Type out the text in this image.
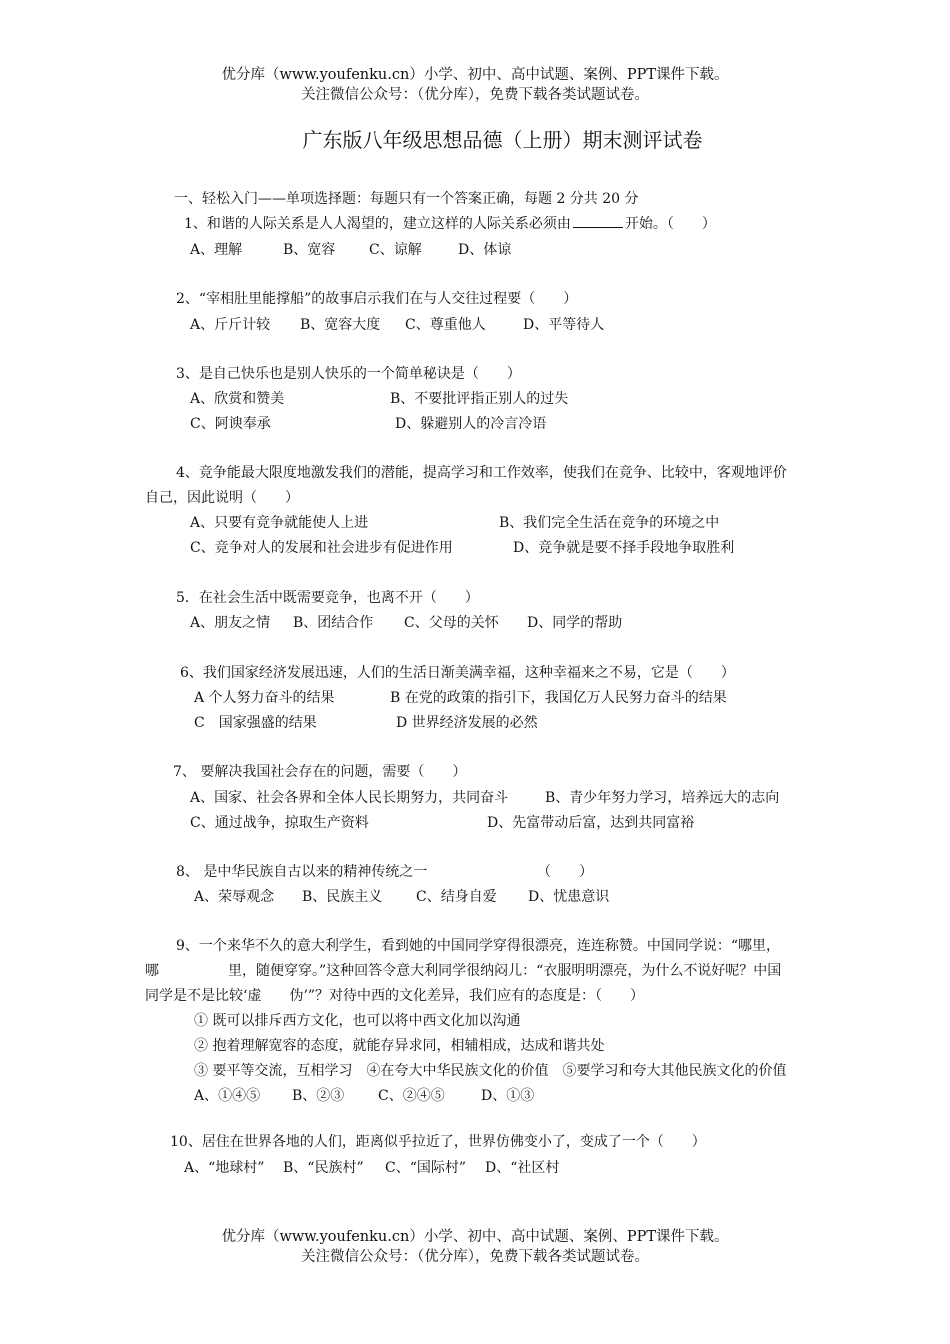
优分库（www.youfenku.cn）小学、初中、高中试题、案例、PPT课件下载。
关注微信公众号：（优分库），免费下载各类试题试卷。
广东版八年级思想品德（上册）期末测评试卷
一、轻松入门——单项选择题：每题只有一个答案正确，每题 2 分共 20 分
1、和谐的人际关系是人人渴望的，建立这样的人际关系必须由	开始。（　　）
A、理解	B、宽容 C、谅解	D、体谅
2、“宰相肚里能撑船”的故事启示我们在与人交往过程要（　　）
A、斤斤计较 B、宽容大度 C、尊重他人	D、平等待人
3、是自己快乐也是别人快乐的一个简单秘诀是（　　）
A、欣赏和赞美	B、不要批评指正别人的过失
C、阿谀奉承	D、躲避别人的冷言冷语
4、竞争能最大限度地激发我们的潜能，提高学习和工作效率，使我们在竞争、比较中，客观地评价
自己，因此说明（　　）
A、只要有竞争就能使人上进	B、我们完全生活在竞争的环境之中
C、竞争对人的发展和社会进步有促进作用	D、竞争就是要不择手段地争取胜利
5．在社会生活中既需要竞争，也离不开（　　）
A、朋友之情 B、团结合作 C、父母的关怀 D、同学的帮助
6、我们国家经济发展迅速，人们的生活日渐美满幸福，这种幸福来之不易，它是（　　）
A 个人努力奋斗的结果	B 在党的政策的指引下，我国亿万人民努力奋斗的结果
C　国家强盛的结果	D 世界经济发展的必然
7、 要解决我国社会存在的问题，需要（　　）
A、国家、社会各界和全体人民长期努力，共同奋斗	B、青少年努力学习，培养远大的志向
C、通过战争，掠取生产资料	D、先富带动后富，达到共同富裕
8、 是中华民族自古以来的精神传统之一	（　　）
A、荣辱观念 B、民族主义 C、结身自爱 D、忧患意识
9、一个来华不久的意大利学生，看到她的中国同学穿得很漂亮，连连称赞。中国同学说：“哪里，
哪	里，随便穿穿。”这种回答令意大利同学很纳闷儿：“衣服明明漂亮，为什么不说好呢？中国
同学是不是比较‘虚　　伪’”？对待中西的文化差异，我们应有的态度是：（　　）
① 既可以排斥西方文化，也可以将中西文化加以沟通
② 抱着理解宽容的态度，就能存异求同，相辅相成，达成和谐共处
③ 要平等交流，互相学习　④在夸大中华民族文化的价值　⑤要学习和夸大其他民族文化的价值
A、①④⑤ B、②③ C、②④⑤	D、①③
10、居住在世界各地的人们，距离似乎拉近了，世界仿佛变小了，变成了一个（　　）
A、“地球村” B、“民族村” C、“国际村” D、“社区村
优分库（www.youfenku.cn）小学、初中、高中试题、案例、PPT课件下载。
关注微信公众号：（优分库），免费下载各类试题试卷。
